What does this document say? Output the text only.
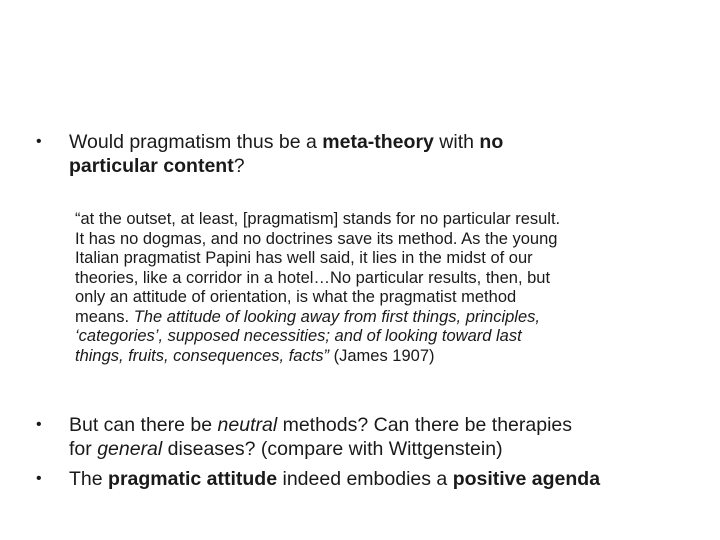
•	Would pragmatism thus be a meta-theory with no
particular content?
“at the outset, at least, [pragmatism] stands for no particular result.
It has no dogmas, and no doctrines save its method. As the young
Italian pragmatist Papini has well said, it lies in the midst of our
theories, like a corridor in a hotel…No particular results, then, but
only an attitude of orientation, is what the pragmatist method
means. The attitude of looking away from first things, principles,
‘categories’, supposed necessities; and of looking toward last
things, fruits, consequences, facts” (James 1907)
•	But can there be neutral methods? Can there be therapies
for general diseases? (compare with Wittgenstein)
•	The pragmatic attitude indeed embodies a positive agenda
